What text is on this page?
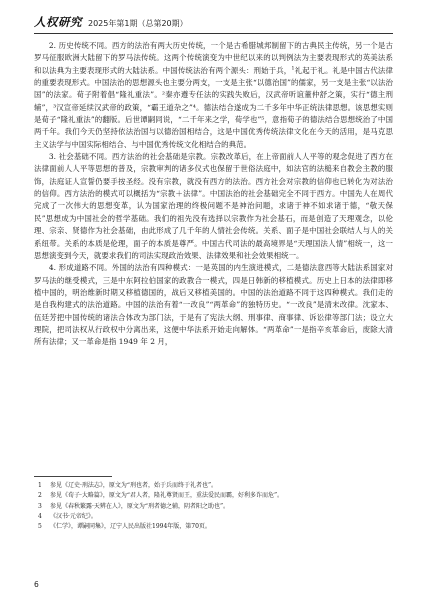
人权研究 2025年第1期（总第20期）

2. 历史传统不同。西方的法治有两大历史传统，一个是古希腊城邦制留下的古典民主传统，另一个是古罗马征服欧洲大陆留下的罗马法传统。这两个传统演变为中世纪以来的以判例法为主要表现形式的英美法系和以法典为主要表现形式的大陆法系。中国传统法治有两个源头：刑始于兵，$^1$礼起于礼。礼是中国古代法律的重要表现形式。中国法治的思想源头也主要分两支，一支是主张“以德治国”的儒家，另一支是主张“以法治国”的法家。荀子附着倡“隆礼重法”。²秦亦遵专任法的实践失败后，汉武帝听谊董仲舒之策，实行“德主刑辅”，³汉宣帝延续汉武帝的政策，“霸王道杂之”⁴。德法结合遂成为二千多年中华正统法律思想。该思想实则是荀子“隆礼重法”的翻版。后世谭嗣同说，“二千年来之学，荀学也”⁵，意指荀子的德法结合思想统治了中国两千年。我们今天仍坚持依法治国与以德治国相结合，这是中国优秀传统法律文化在今天的活用，是马克思主义法学与中国实际相结合、与中国优秀传统文化相结合的典范。

3. 社会基础不同。西方法治的社会基础是宗教。宗教改革后，在上帝面前人人平等的观念促进了西方在法律面前人人平等思想的普及，宗教审判的诸多仪式也保留于世俗法庭中，如法官的法槌来自教会主教的服饰，法庭证人宣誓仍要手按圣经。没有宗教，就没有西方的法治。西方社会对宗教的信仰也已转化为对法治的信仰。西方法治的模式可以概括为“宗教＋法律”。中国法治的社会基础完全不同于西方。中国先人在周代完成了一次伟大的思想变革，认为国家治理的终极问题不是神治问题，求诸于神不如求诸于德，“敬天保民”思想成为中国社会的哲学基础。我们的祖先没有选择以宗教作为社会基石，而是创造了天理观念，以伦理、宗亲、贤德作为社会基础，由此形成了几千年的人情社会传统。关系、面子是中国社会联结人与人的关系纽带。关系的本质是伦理，面子的本质是尊严。中国古代司法的最高境界是“天理国法人情”相统一，这一思想演变到今天，就要求我们的司法实现政治效果、法律效果和社会效果相统一。

4. 形成道路不同。外国的法治有四种模式：一是英国的内生演进模式，二是德法意西等大陆法系国家对罗马法的继受模式，三是中东阿拉伯国家的政教合一模式，四是日韩新的移植模式。历史上日本的法律即移植中国的，明治维新时期又移植德国的，战后又移植美国的。中国的法治道路不同于这四种模式。我们走的是自我构建式的法治道路。中国的法治有着“一改良”“两革命”的独特历史。“一改良”是清末改律。沈家本、伍廷芳把中国传统的诸法合体改为部门法，于是有了宪法大纲、刑事律、商事律、诉讼律等部门法；设立大理院，把司法权从行政权中分离出来，这便中华法系开始走向解体。“两革命”一是指辛亥革命后，废除大清所有法律；又一革命是指 1949 年 2 月，

1	参见《辽史·刑法志》，原文为“刑也者，始于兵而终于礼者也”。
2	参见《荀子·大略篇》，原文为“君人者，隆礼尊贤而王，重法爱民而霸，好利多诈而危”。
3	参见《春秋繁露·天辨在人》，原文为“刑者德之辅，阴者阳之助也”。
4	《汉书·元帝纪》。
5	《仁学》，谭嗣同集》，辽宁人民出版社1994年版，第70页。
6
